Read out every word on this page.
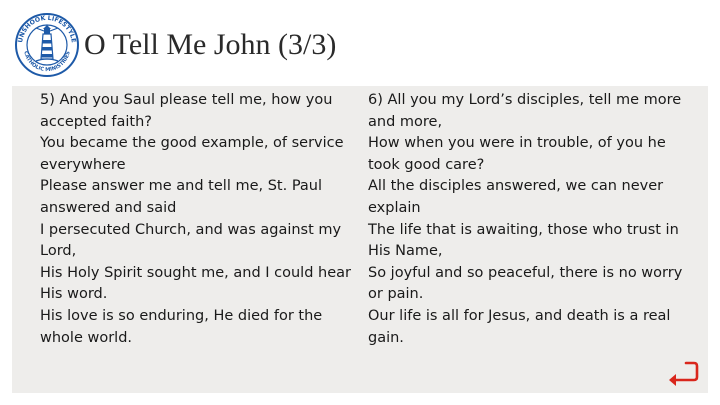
UNSHOOK LIFESTYLE
CATHOLIC MINISTRIES O Tell Me John (3/3)
5) And you Saul please tell me, how you
accepted faith?
You became the good example, of service
everywhere
Please answer me and tell me, St. Paul
answered and said
I persecuted Church, and was against my
Lord,
His Holy Spirit sought me, and I could hear
His word.
His love is so enduring, He died for the
whole world.
6) All you my Lord’s disciples, tell me more
and more,
How when you were in trouble, of you he
took good care?
All the disciples answered, we can never
explain
The life that is awaiting, those who trust in
His Name,
So joyful and so peaceful, there is no worry
or pain.
Our life is all for Jesus, and death is a real
gain.
